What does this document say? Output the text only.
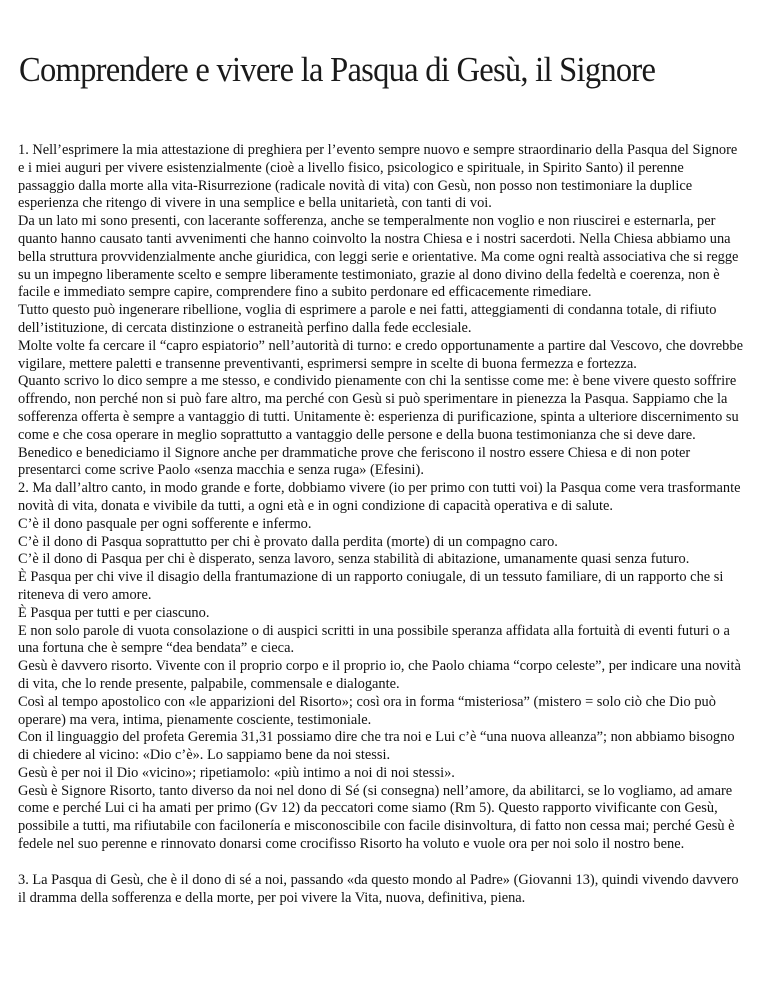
Comprendere e vivere la Pasqua di Gesù, il Signore

1. Nell’esprimere la mia attestazione di preghiera per l’evento sempre nuovo e sempre straordinario della Pasqua del Signore e i miei auguri per vivere esistenzialmente (cioè a livello fisico, psicologico e spirituale, in Spirito Santo) il perenne passaggio dalla morte alla vita-Risurrezione (radicale novità di vita) con Gesù, non posso non testimoniare la duplice esperienza che ritengo di vivere in una semplice e bella unitarietà, con tanti di voi.

Da un lato mi sono presenti, con lacerante sofferenza, anche se temperalmente non voglio e non riuscirei e esternarla, per quanto hanno causato tanti avvenimenti che hanno coinvolto la nostra Chiesa e i nostri sacerdoti. Nella Chiesa abbiamo una bella struttura provvidenzialmente anche giuridica, con leggi serie e orientative. Ma come ogni realtà associativa che si regge su un impegno liberamente scelto e sempre liberamente testimoniato, grazie al dono divino della fedeltà e coerenza, non è facile e immediato sempre capire, comprendere fino a subito perdonare ed efficacemente rimediare.

Tutto questo può ingenerare ribellione, voglia di esprimere a parole e nei fatti, atteggiamenti di condanna totale, di rifiuto dell’istituzione, di cercata distinzione o estraneità perfino dalla fede ecclesiale.

Molte volte fa cercare il “capro espiatorio” nell’autorità di turno: e credo opportunamente a partire dal Vescovo, che dovrebbe vigilare, mettere paletti e transenne preventivanti, esprimersi sempre in scelte di buona fermezza e fortezza.

Quanto scrivo lo dico sempre a me stesso, e condivido pienamente con chi la sentisse come me: è bene vivere questo soffrire offrendo, non perché non si può fare altro, ma perché con Gesù si può sperimentare in pienezza la Pasqua. Sappiamo che la sofferenza offerta è sempre a vantaggio di tutti. Unitamente è: esperienza di purificazione, spinta a ulteriore discernimento su come e che cosa operare in meglio soprattutto a vantaggio delle persone e della buona testimonianza che si deve dare.

Benedico e benediciamo il Signore anche per drammatiche prove che feriscono il nostro essere Chiesa e di non poter presentarci come scrive Paolo «senza macchia e senza ruga» (Efesini).

2. Ma dall’altro canto, in modo grande e forte, dobbiamo vivere (io per primo con tutti voi) la Pasqua come vera trasformante novità di vita, donata e vivibile da tutti, a ogni età e in ogni condizione di capacità operativa e di salute.

C’è il dono pasquale per ogni sofferente e infermo.

C’è il dono di Pasqua soprattutto per chi è provato dalla perdita (morte) di un compagno caro.

C’è il dono di Pasqua per chi è disperato, senza lavoro, senza stabilità di abitazione, umanamente quasi senza futuro.

È Pasqua per chi vive il disagio della frantumazione di un rapporto coniugale, di un tessuto familiare, di un rapporto che si riteneva di vero amore.

È Pasqua per tutti e per ciascuno.

E non solo parole di vuota consolazione o di auspici scritti in una possibile speranza affidata alla fortuità di eventi futuri o a una fortuna che è sempre “dea bendata” e cieca.

Gesù è davvero risorto. Vivente con il proprio corpo e il proprio io, che Paolo chiama “corpo celeste”, per indicare una novità di vita, che lo rende presente, palpabile, commensale e dialogante.

Così al tempo apostolico con «le apparizioni del Risorto»; così ora in forma “misteriosa” (mistero = solo ciò che Dio può operare) ma vera, intima, pienamente cosciente, testimoniale.

Con il linguaggio del profeta Geremia 31,31 possiamo dire che tra noi e Lui c’è “una nuova alleanza”; non abbiamo bisogno di chiedere al vicino: «Dio c’è». Lo sappiamo bene da noi stessi.

Gesù è per noi il Dio «vicino»; ripetiamolo: «più intimo a noi di noi stessi».

Gesù è Signore Risorto, tanto diverso da noi nel dono di Sé (si consegna) nell’amore, da abilitarci, se lo vogliamo, ad amare come e perché Lui ci ha amati per primo (Gv 12) da peccatori come siamo (Rm 5). Questo rapporto vivificante con Gesù, possibile a tutti, ma rifiutabile con facilonería e misconoscibile con facile disinvoltura, di fatto non cessa mai; perché Gesù è fedele nel suo perenne e rinnovato donarsi come crocifisso Risorto ha voluto e vuole ora per noi solo il nostro bene.

3. La Pasqua di Gesù, che è il dono di sé a noi, passando «da questo mondo al Padre» (Giovanni 13), quindi vivendo davvero il dramma della sofferenza e della morte, per poi vivere la Vita, nuova, definitiva, piena.
